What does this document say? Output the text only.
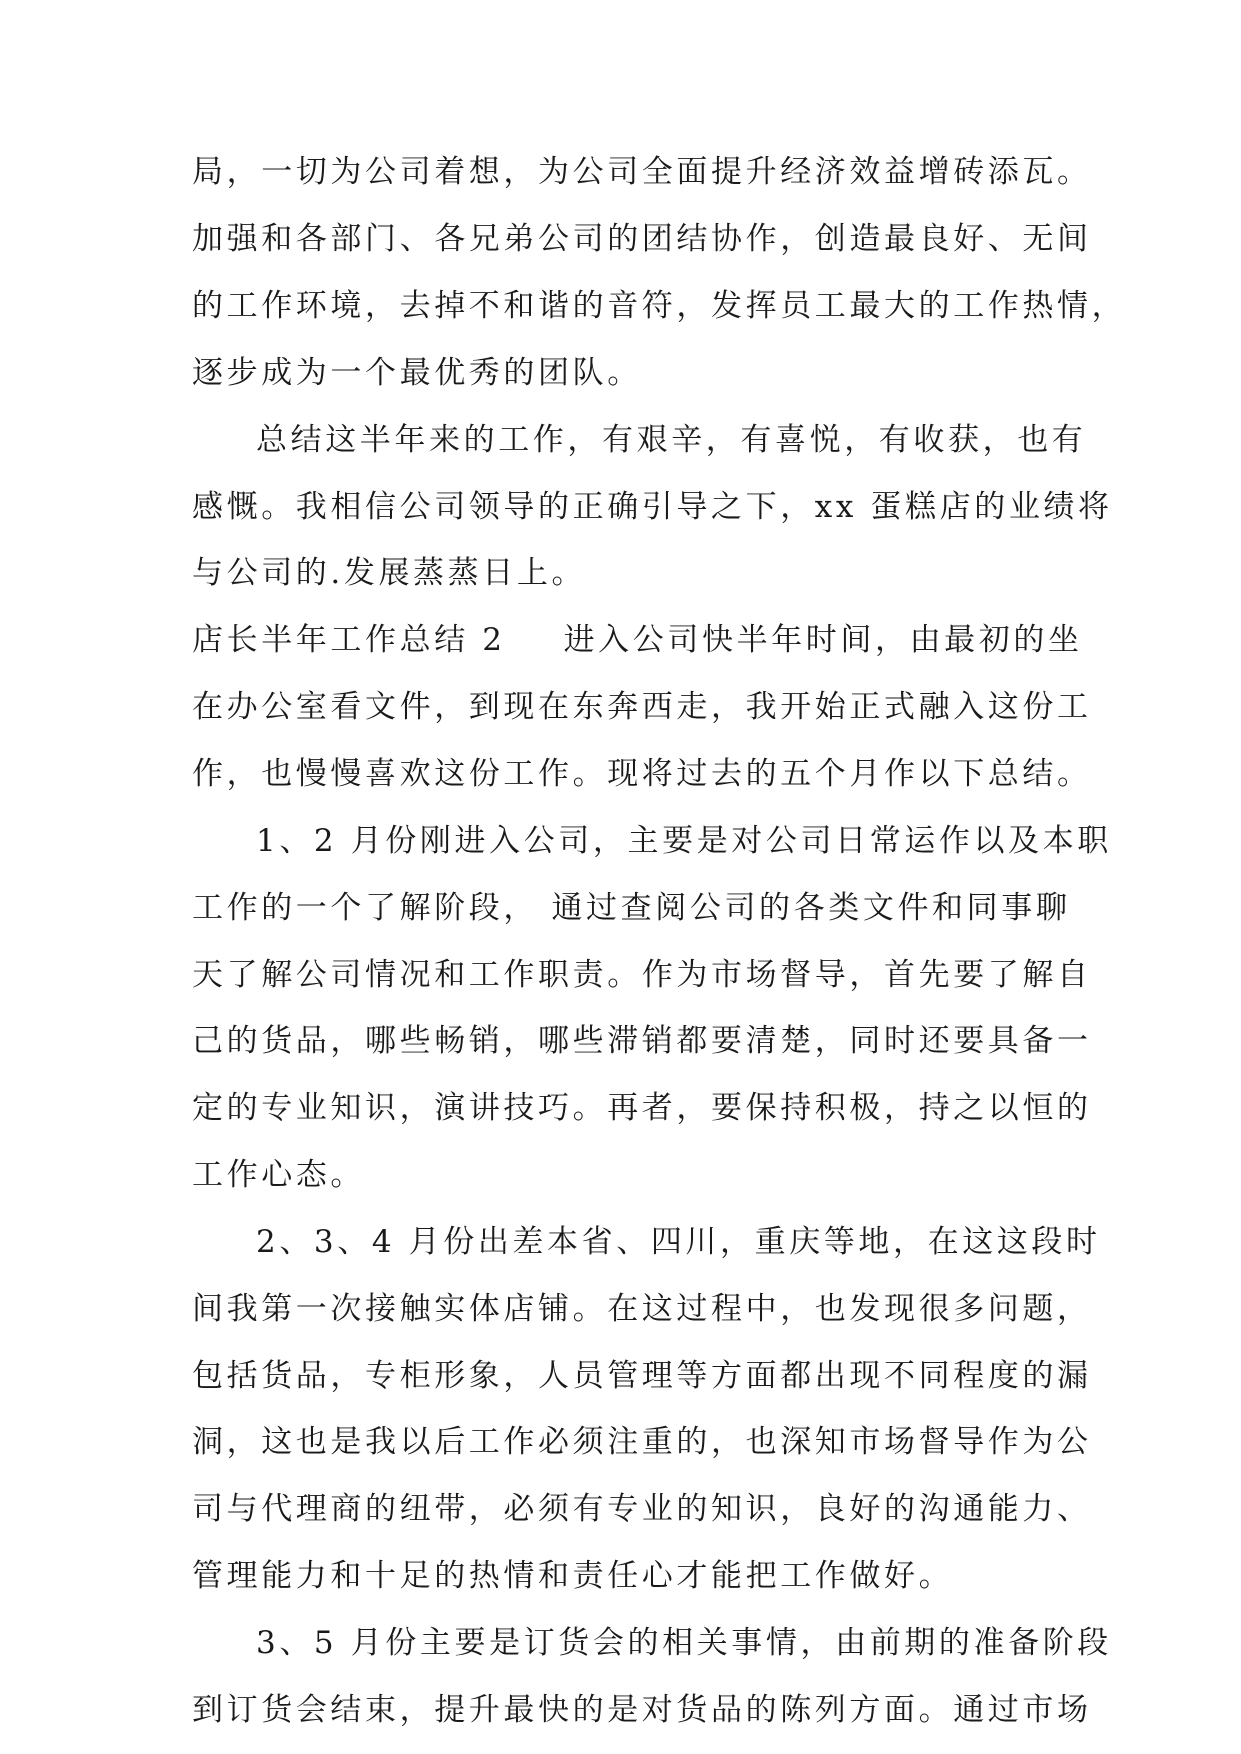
局，一切为公司着想，为公司全面提升经济效益增砖添瓦。
加强和各部门、各兄弟公司的团结协作，创造最良好、无间
的工作环境，去掉不和谐的音符，发挥员工最大的工作热情，
逐步成为一个最优秀的团队。
总结这半年来的工作，有艰辛，有喜悦，有收获，也有
感慨。我相信公司领导的正确引导之下，xx 蛋糕店的业绩将
与公司的.发展蒸蒸日上。
店长半年工作总结 2 进入公司快半年时间，由最初的坐
在办公室看文件，到现在东奔西走，我开始正式融入这份工
作，也慢慢喜欢这份工作。现将过去的五个月作以下总结。
1、2 月份刚进入公司，主要是对公司日常运作以及本职
工作的一个了解阶段， 通过查阅公司的各类文件和同事聊
天了解公司情况和工作职责。作为市场督导，首先要了解自
己的货品，哪些畅销，哪些滞销都要清楚，同时还要具备一
定的专业知识，演讲技巧。再者，要保持积极，持之以恒的
工作心态。
2、3、4 月份出差本省、四川，重庆等地，在这这段时
间我第一次接触实体店铺。在这过程中，也发现很多问题，
包括货品，专柜形象，人员管理等方面都出现不同程度的漏
洞，这也是我以后工作必须注重的，也深知市场督导作为公
司与代理商的纽带，必须有专业的知识，良好的沟通能力、
管理能力和十足的热情和责任心才能把工作做好。
3、5 月份主要是订货会的相关事情，由前期的准备阶段
到订货会结束，提升最快的是对货品的陈列方面。通过市场
